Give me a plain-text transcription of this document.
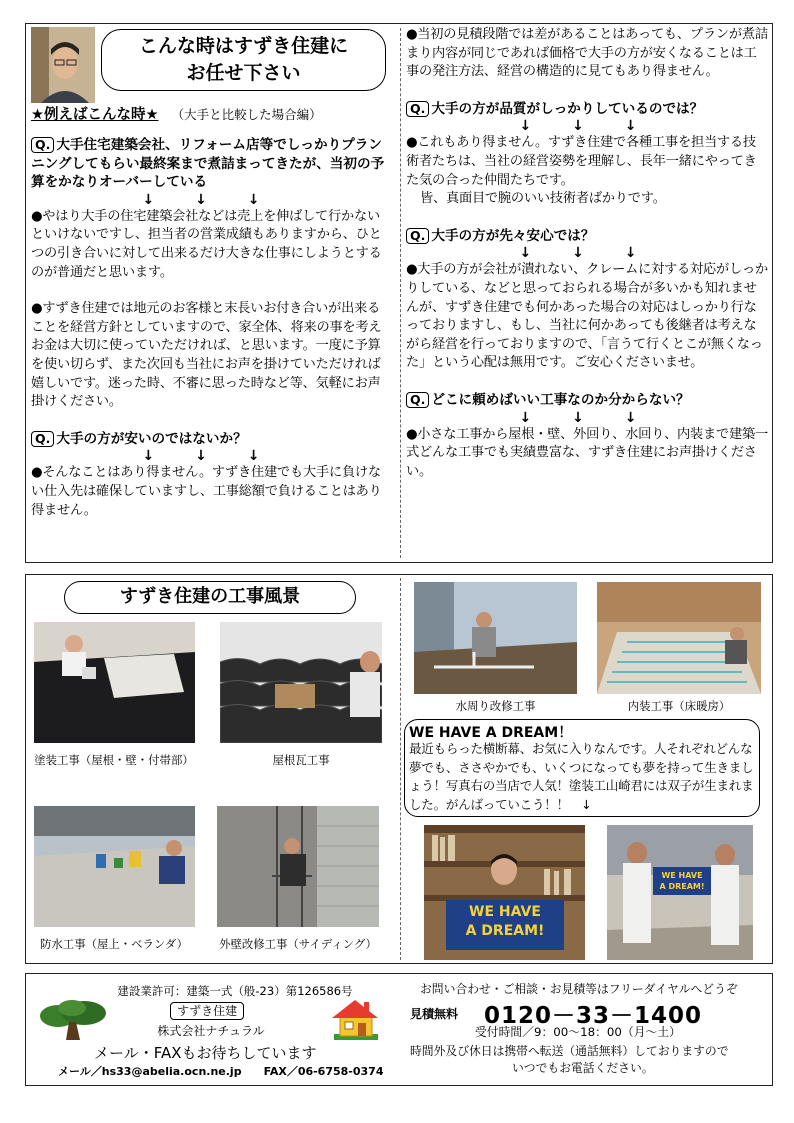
こんな時はすずき住建に
お任せ下さい
★例えばこんな時★ （大手と比較した場合編）
Q. 大手住宅建築会社、リフォーム店等でしっかりプランニングしてもらい最終案まで煮詰まってきたが、当初の予算をかなりオーバーしている
↓ ↓ ↓
●やはり大手の住宅建築会社などは売上を伸ばして行かないといけないですし、担当者の営業成績もありますから、ひとつの引き合いに対して出来るだけ大きな仕事にしようとするのが普通だと思います。
●すずき住建では地元のお客様と末長いお付き合いが出来ることを経営方針としていますので、家全体、将来の事を考えお金は大切に使っていただければ、と思います。一度に予算を使い切らず、また次回も当社にお声を掛けていただければ嬉しいです。迷った時、不審に思った時など等、気軽にお声掛けください。
Q. 大手の方が安いのではないか？
↓ ↓ ↓
●そんなことはあり得ません。すずき住建でも大手に負けない仕入先は確保していますし、工事総額で負けることはあり得ません。
●当初の見積段階では差があることはあっても、プランが煮詰まり内容が同じであれば価格で大手の方が安くなることは工事の発注方法、経営の構造的に見てもあり得ません。
Q. 大手の方が品質がしっかりしているのでは？
↓ ↓ ↓
●これもあり得ません。すずき住建で各種工事を担当する技術者たちは、当社の経営姿勢を理解し、長年一緒にやってきた気の合った仲間たちです。
皆、真面目で腕のいい技術者ばかりです。
Q. 大手の方が先々安心では？
↓ ↓ ↓
●大手の方が会社が潰れない、クレームに対する対応がしっかりしている、などと思っておられる場合が多いかも知れませんが、すずき住建でも何かあった場合の対応はしっかり行なっておりますし、もし、当社に何かあっても後継者は考えながら経営を行っておりますので、「言うて行くとこが無くなった」という心配は無用です。ご安心くださいませ。
Q. どこに頼めばいい工事なのか分からない？
↓ ↓ ↓
●小さな工事から屋根・壁、外回り、水回り、内装まで建築一式どんな工事でも実績豊富な、すずき住建にお声掛けください。
すずき住建の工事風景
塗装工事（屋根・壁・付帯部）	屋根瓦工事
防水工事（屋上・ベランダ）	外壁改修工事（サイディング）
水周り改修工事	内装工事（床暖房）
WE HAVE A DREAM！
最近もらった横断幕、お気に入りなんです。人それぞれどんな夢でも、ささやかでも、いくつになっても夢を持って生きましょう！写真右の当店で人気！塗装工山崎君には双子が生まれました。がんばっていこう！！　↓
WE HAVE
A DREAM!
WE HAVE
A DREAM!
建設業許可：建築一式（般-23）第126586号
すずき住建
株式会社ナチュラル
メール・FAXもお待ちしています
メール／hs33@abelia.ocn.ne.jp　　FAX／06-6758-0374
お問い合わせ・ご相談・お見積等はフリーダイヤルへどうぞ
見積無料 0120－33－1400
受付時間／9：00～18：00（月～土）
時間外及び休日は携帯へ転送（通話無料）しておりますので
いつでもお電話ください。
